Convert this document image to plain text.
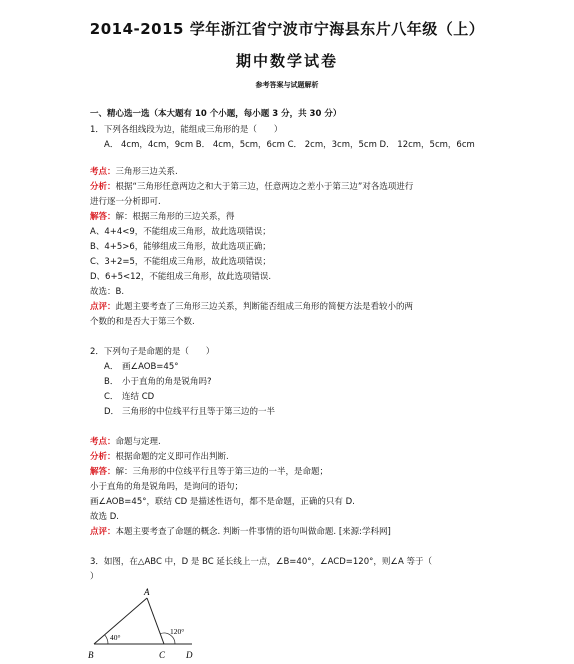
2014-2015 学年浙江省宁波市宁海县东片八年级（上）
期中数学试卷
参考答案与试题解析
一、精心选一选（本大题有 10 个小题，每小题 3 分，共 30 分）
1．下列各组线段为边，能组成三角形的是（　　）
A． 4cm，4cm，9cm B． 4cm，5cm，6cm C． 2cm，3cm，5cm D． 12cm，5cm，6cm
考点：三角形三边关系.
分析：根据“三角形任意两边之和大于第三边，任意两边之差小于第三边”对各选项进行
进行逐一分析即可.
解答：解：根据三角形的三边关系，得
A、4+4<9，不能组成三角形，故此选项错误；
B、4+5>6，能够组成三角形，故此选项正确；
C、3+2=5，不能组成三角形，故此选项错误；
D、6+5<12，不能组成三角形，故此选项错误.
故选：B.
点评：此题主要考查了三角形三边关系，判断能否组成三角形的简便方法是看较小的两
个数的和是否大于第三个数.
2．下列句子是命题的是（　　）
A． 画∠AOB=45°
B． 小于直角的角是锐角吗?
C． 连结 CD
D． 三角形的中位线平行且等于第三边的一半
考点：命题与定理.
分析：根据命题的定义即可作出判断.
解答：解：三角形的中位线平行且等于第三边的一半，是命题；
小于直角的角是锐角吗，是询问的语句；
画∠AOB=45°，联结 CD 是描述性语句，都不是命题，正确的只有 D.
故选 D.
点评：本题主要考查了命题的概念. 判断一件事情的语句叫做命题. [来源:学科网]
3．如图，在△ABC 中，D 是 BC 延长线上一点，∠B=40°，∠ACD=120°，则∠A 等于（
）
A
B	C D
40°
120°
